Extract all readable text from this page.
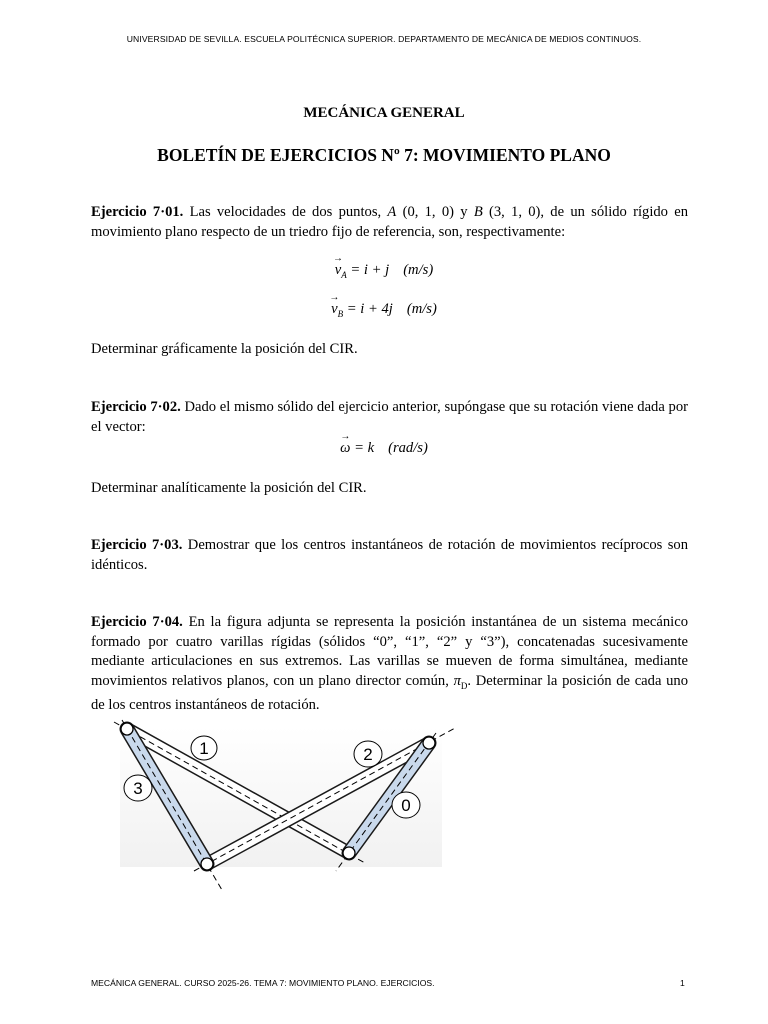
UNIVERSIDAD DE SEVILLA. ESCUELA POLITÉCNICA SUPERIOR. DEPARTAMENTO DE MECÁNICA DE MEDIOS CONTINUOS.
MECÁNICA GENERAL
BOLETÍN DE EJERCICIOS Nº 7: MOVIMIENTO PLANO
Ejercicio 7·01. Las velocidades de dos puntos, A (0, 1, 0) y B (3, 1, 0), de un sólido rígido en movimiento plano respecto de un triedro fijo de referencia, son, respectivamente:
→ $v_A = i + j$ (m/s)
→ $v_B = i + 4j$ (m/s)
Determinar gráficamente la posición del CIR.
Ejercicio 7·02. Dado el mismo sólido del ejercicio anterior, supóngase que su rotación viene dada por el vector:
→ ω = k (rad/s)
Determinar analíticamente la posición del CIR.
Ejercicio 7·03. Demostrar que los centros instantáneos de rotación de movimientos recíprocos son idénticos.
Ejercicio 7·04. En la figura adjunta se representa la posición instantánea de un sistema mecánico formado por cuatro varillas rígidas (sólidos “0”, “1”, “2” y “3”), concatenadas sucesivamente mediante articulaciones en sus extremos. Las varillas se mueven de forma simultánea, mediante movimientos relativos planos, con un plano director común, $\pi_D$. Determinar la posición de cada uno de los centros instantáneos de rotación.
1	2
3
0
MECÁNICA GENERAL. CURSO 2025-26. TEMA 7: MOVIMIENTO PLANO. EJERCICIOS.	1
